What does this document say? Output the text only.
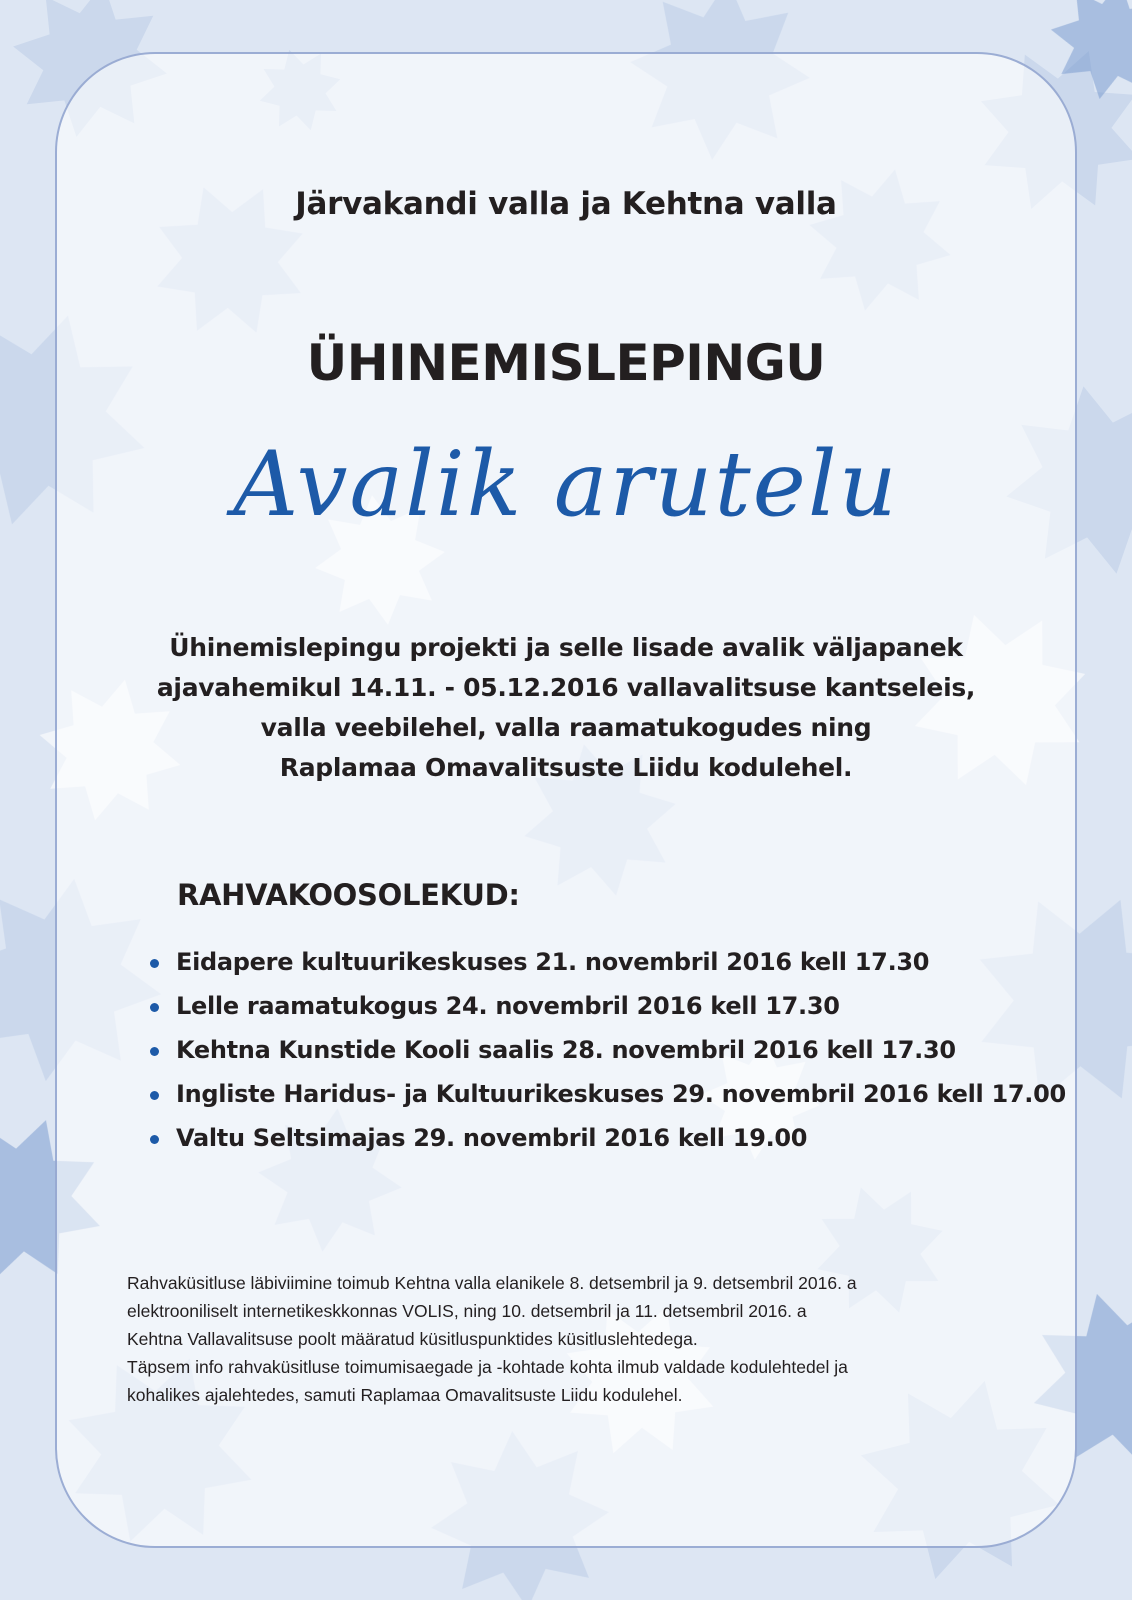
Järvakandi valla ja Kehtna valla
ÜHINEMISLEPINGU
Avalik arutelu

Ühinemislepingu projekti ja selle lisade avalik väljapanek
ajavahemikul 14.11. - 05.12.2016 vallavalitsuse kantseleis,
valla veebilehel, valla raamatukogudes ning
Raplamaa Omavalitsuste Liidu kodulehel.

RAHVAKOOSOLEKUD:
Eidapere kultuurikeskuses 21. novembril 2016 kell 17.30
Lelle raamatukogus 24. novembril 2016 kell 17.30
Kehtna Kunstide Kooli saalis 28. novembril 2016 kell 17.30
Ingliste Haridus- ja Kultuurikeskuses 29. novembril 2016 kell 17.00
Valtu Seltsimajas 29. novembril 2016 kell 19.00

Rahvaküsitluse läbiviimine toimub Kehtna valla elanikele 8. detsembril ja 9. detsembril 2016. a
elektrooniliselt internetikeskkonnas VOLIS, ning 10. detsembril ja 11. detsembril 2016. a
Kehtna Vallavalitsuse poolt määratud küsitluspunktides küsitluslehtedega.
Täpsem info rahvaküsitluse toimumisaegade ja -kohtade kohta ilmub valdade kodulehtedel ja
kohalikes ajalehtedes, samuti Raplamaa Omavalitsuste Liidu kodulehel.
